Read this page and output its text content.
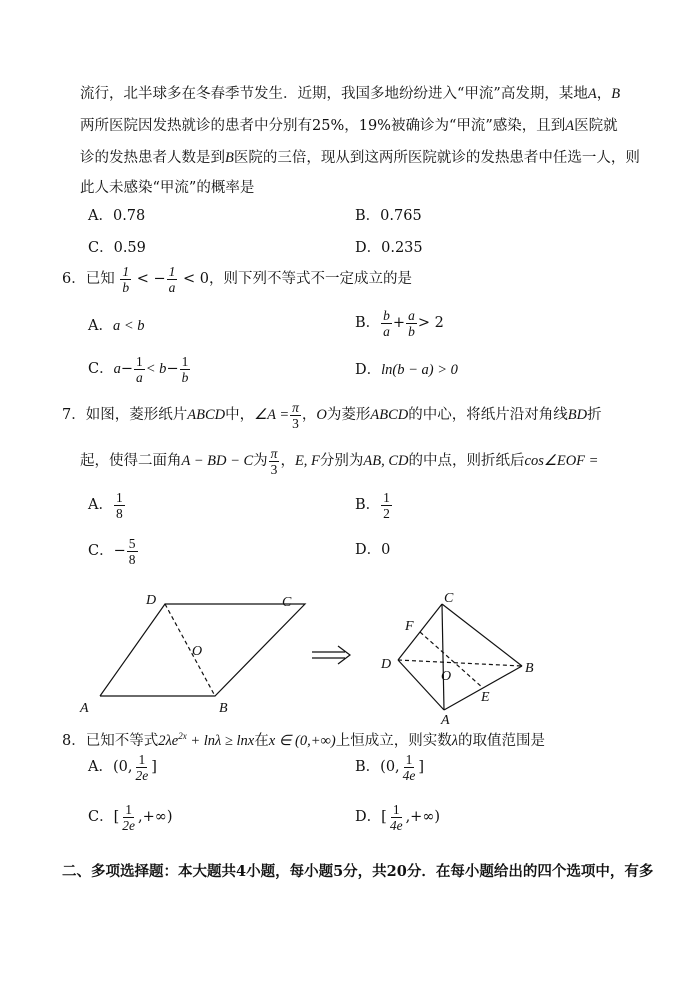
流行，北半球多在冬春季节发生．近期，我国多地纷纷进入“甲流”高发期，某地A，B
两所医院因发热就诊的患者中分别有25%，19%被确诊为“甲流”感染，且到A医院就
诊的发热患者人数是到B医院的三倍，现从到这两所医院就诊的发热患者中任选一人，则
此人未感染“甲流”的概率是
A．0.78	B．0.765
C．0.59	D．0.235
6．已知 $\frac{1}{b}$ < − $\frac{1}{a} < 0$，则下列不等式不一定成立的是
A．a < b	B． $\frac{b}{a} + \frac{a}{b} > 2$
C．$a- \frac{1}{a} < b- \frac{1}{b}$	D．ln(b − a) > 0
7．如图，菱形纸片ABCD中，∠A = $\frac{\pi}{3}$ ，O为菱形ABCD的中心，将纸片沿对角线BD折
起，使得二面角A − BD − C为 $\frac{\pi}{3}$ ，E, F分别为AB, CD的中点，则折纸后cos∠EOF =
A． $\frac{1}{8}$	B． $\frac{1}{2}$
C．− $\frac{5}{8}$	D．0
D	C
O
A	B
C
F
D
O
B
E
A
8．已知不等式$2\lambda e^{2x} + \ln\lambda \ge \ln x$在x ∈ (0,+∞)上恒成立，则实数λ的取值范围是
A．(0, $\frac{1}{2e}$ ]	B．(0, $\frac{1}{4e}$ ]
C．[ $\frac{1}{2e}$ ,+∞)	D．[ $\frac{1}{4e}$ ,+∞)
二、多项选择题：本大题共4小题，每小题5分，共20分．在每小题给出的四个选项中，有多
